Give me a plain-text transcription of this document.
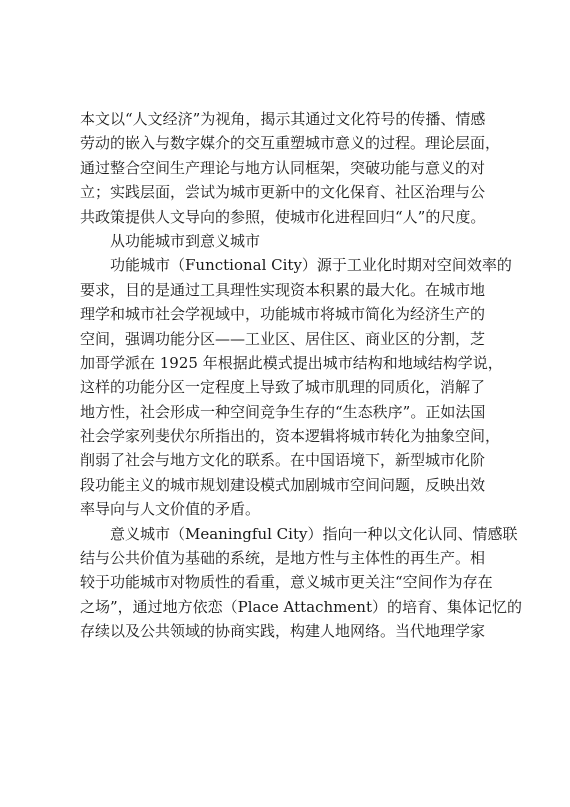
本文以“人文经济”为视角，揭示其通过文化符号的传播、情感
劳动的嵌入与数字媒介的交互重塑城市意义的过程。理论层面，
通过整合空间生产理论与地方认同框架，突破功能与意义的对
立；实践层面，尝试为城市更新中的文化保育、社区治理与公
共政策提供人文导向的参照，使城市化进程回归“人”的尺度。
从功能城市到意义城市
功能城市（Functional City）源于工业化时期对空间效率的
要求，目的是通过工具理性实现资本积累的最大化。在城市地
理学和城市社会学视域中，功能城市将城市简化为经济生产的
空间，强调功能分区——工业区、居住区、商业区的分割，芝
加哥学派在 1925 年根据此模式提出城市结构和地域结构学说，
这样的功能分区一定程度上导致了城市肌理的同质化，消解了
地方性，社会形成一种空间竞争生存的“生态秩序”。正如法国
社会学家列斐伏尔所指出的，资本逻辑将城市转化为抽象空间，
削弱了社会与地方文化的联系。在中国语境下，新型城市化阶
段功能主义的城市规划建设模式加剧城市空间问题，反映出效
率导向与人文价值的矛盾。
意义城市（Meaningful City）指向一种以文化认同、情感联
结与公共价值为基础的系统，是地方性与主体性的再生产。相
较于功能城市对物质性的看重，意义城市更关注“空间作为存在
之场”，通过地方依恋（Place Attachment）的培育、集体记忆的
存续以及公共领域的协商实践，构建人地网络。当代地理学家
